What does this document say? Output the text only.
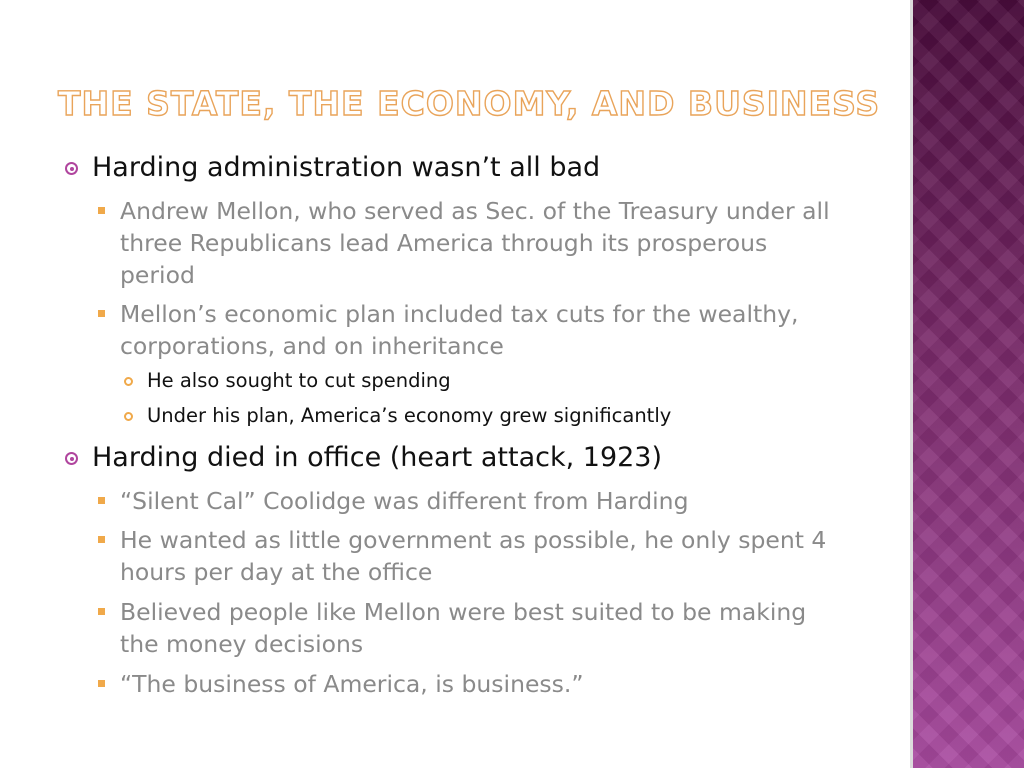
THE STATE, THE ECONOMY, AND BUSINESS
Harding administration wasn’t all bad
Andrew Mellon, who served as Sec. of the Treasury under all three Republicans lead America through its prosperous period
Mellon’s economic plan included tax cuts for the wealthy, corporations, and on inheritance
He also sought to cut spending
Under his plan, America’s economy grew significantly
Harding died in office (heart attack, 1923)
“Silent Cal” Coolidge was different from Harding
He wanted as little government as possible, he only spent 4 hours per day at the office
Believed people like Mellon were best suited to be making the money decisions
“The business of America, is business.”
